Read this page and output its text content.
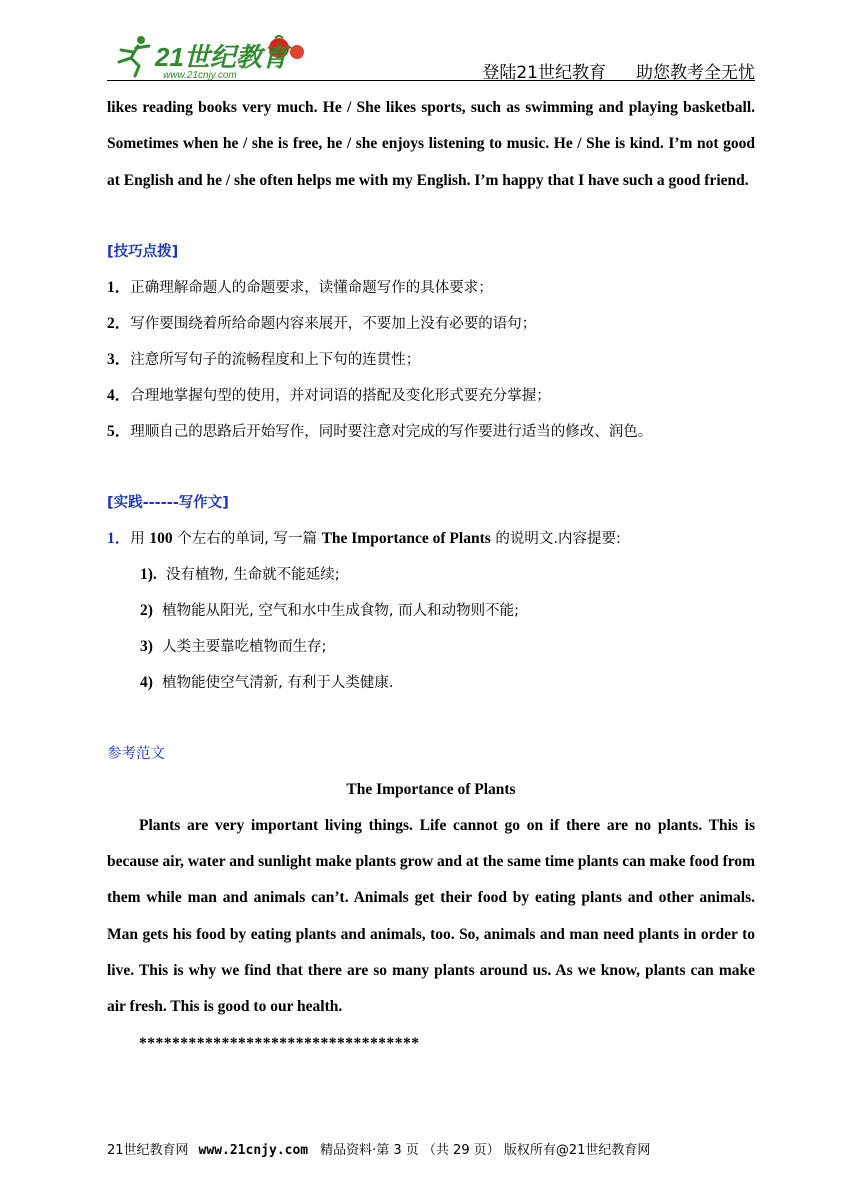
21世纪教育
www.21cnjy.com	登陆21世纪教育 助您教考全无忧

likes reading books very much. He / She likes sports, such as swimming and playing basketball. Sometimes when he / she is free, he / she enjoys listening to music. He / She is kind. I’m not good at English and he / she often helps me with my English. I’m happy that I have such a good friend.

[技巧点拨]

1．正确理解命题人的命题要求，读懂命题写作的具体要求；

2．写作要围绕着所给命题内容来展开，不要加上没有必要的语句；

3．注意所写句子的流畅程度和上下句的连贯性；

4．合理地掌握句型的使用，并对词语的搭配及变化形式要充分掌握；

5．理顺自己的思路后开始写作，同时要注意对完成的写作要进行适当的修改、润色。

[实践------写作文]

1．用 100 个左右的单词, 写一篇 The Importance of Plants 的说明文.内容提要:

1). 没有植物, 生命就不能延续;

2) 植物能从阳光, 空气和水中生成食物, 而人和动物则不能;

3) 人类主要靠吃植物而生存;

4) 植物能使空气清新, 有利于人类健康.

参考范文

The Importance of Plants

Plants are very important living things. Life cannot go on if there are no plants. This is because air, water and sunlight make plants grow and at the same time plants can make food from them while man and animals can’t. Animals get their food by eating plants and other animals. Man gets his food by eating plants and animals, too. So, animals and man need plants in order to live. This is why we find that there are so many plants around us. As we know, plants can make air fresh. This is good to our health.

**********************************

21世纪教育网 www.21cnjy.com 精品资料·第 3 页 （共 29 页） 版权所有@21世纪教育网
